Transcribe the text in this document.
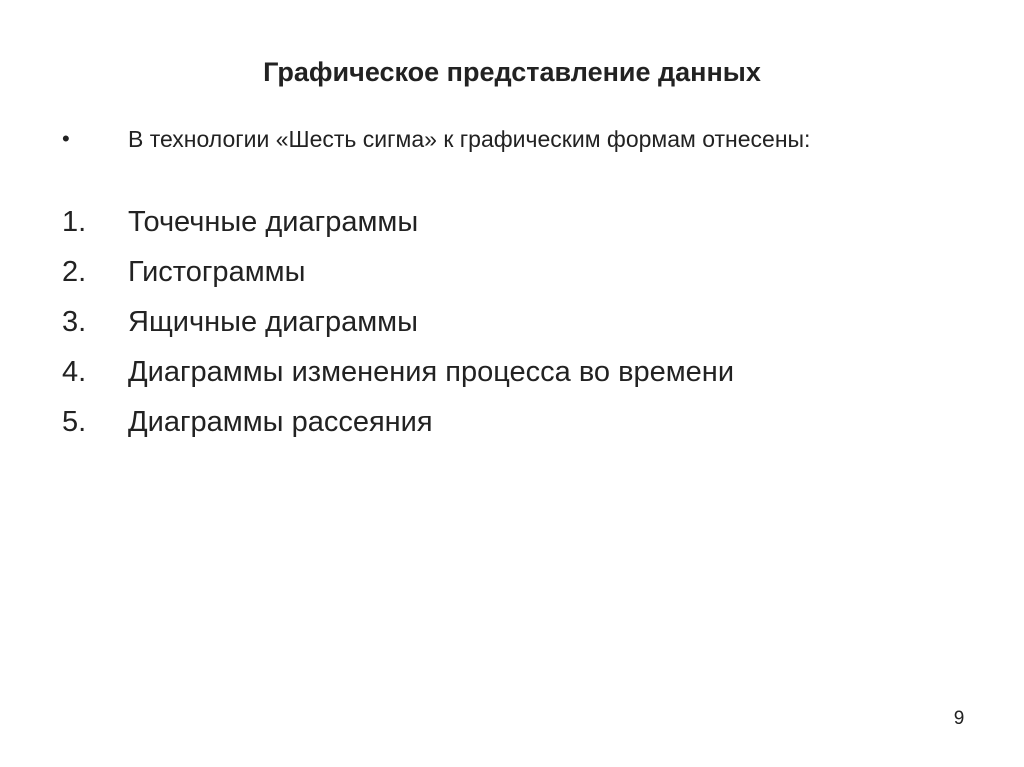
Графическое представление данных
•	В технологии «Шесть сигма» к графическим формам отнесены:
1. Точечные диаграммы
2. Гистограммы
3. Ящичные диаграммы
4. Диаграммы изменения процесса во времени
5. Диаграммы рассеяния
9
